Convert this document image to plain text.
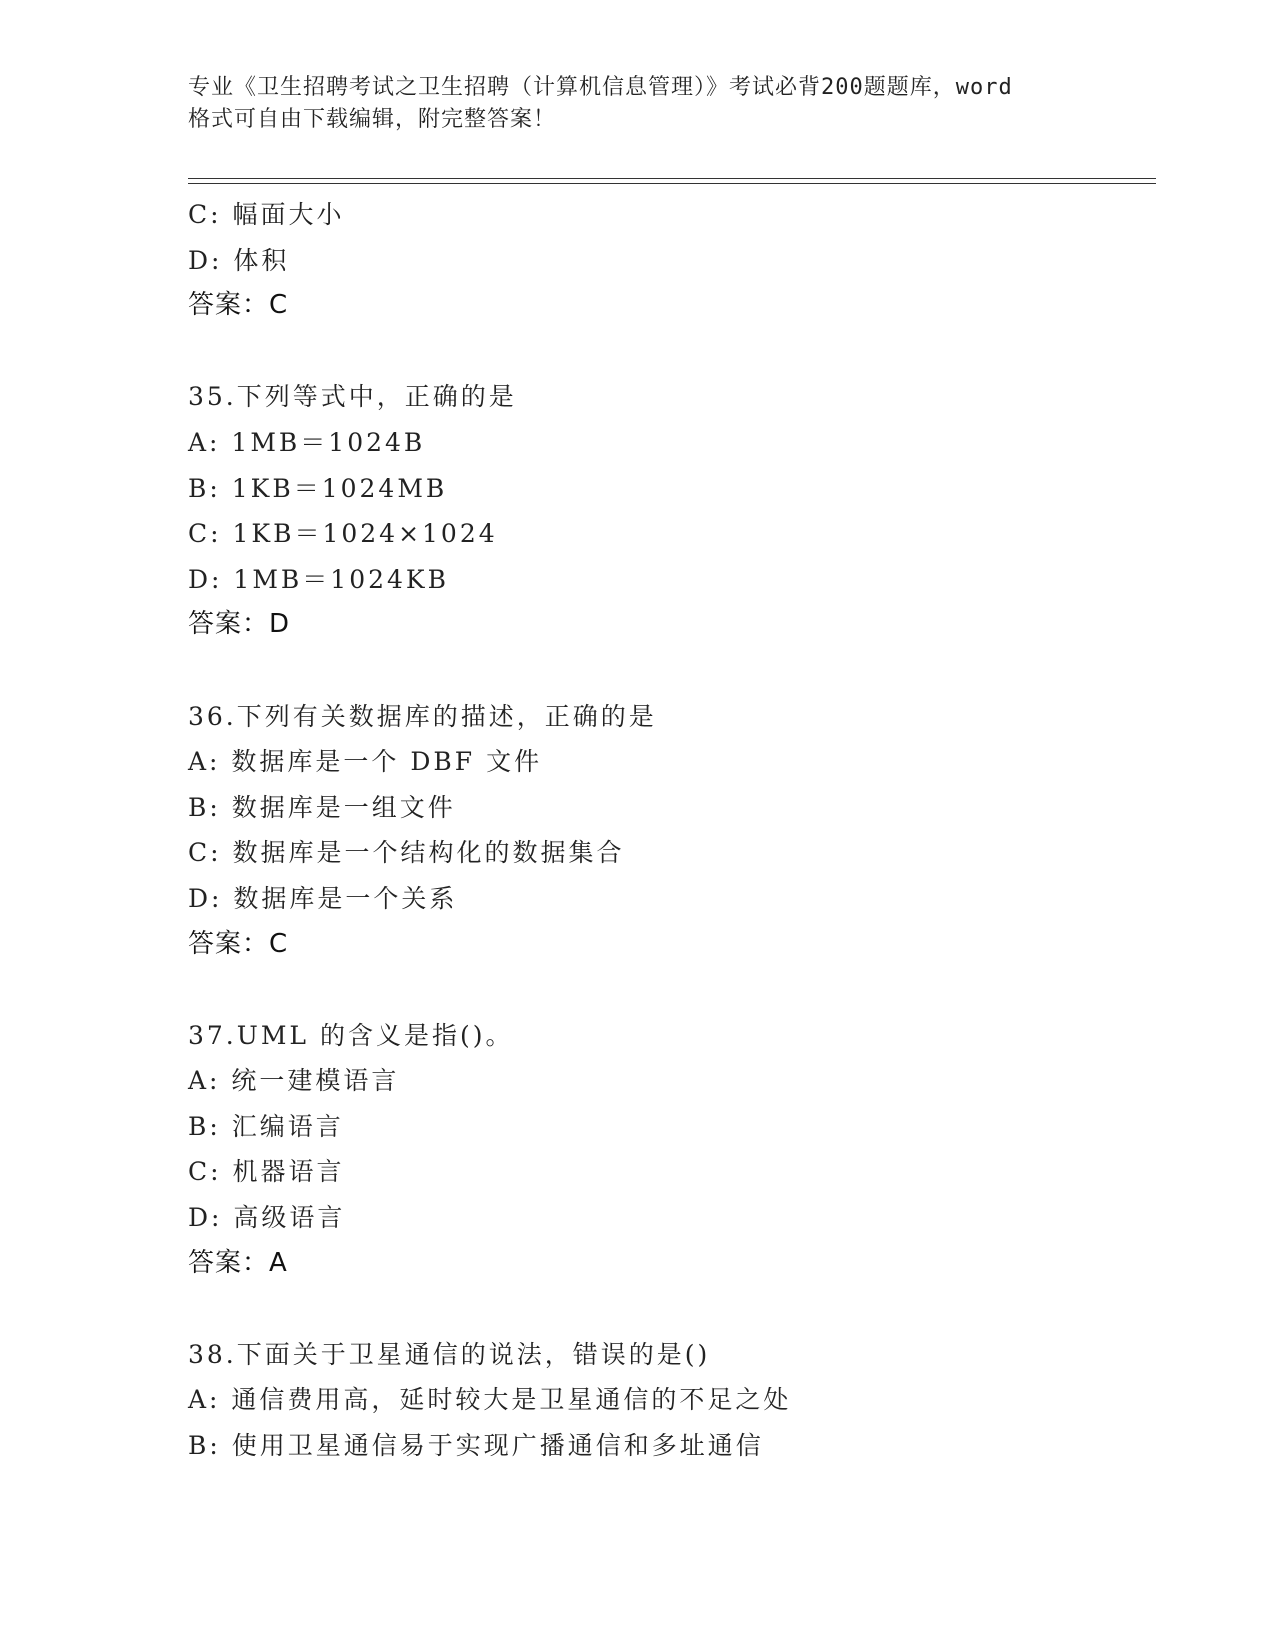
专业《卫生招聘考试之卫生招聘（计算机信息管理）》考试必背200题题库，word
格式可自由下载编辑，附完整答案！
C: 幅面大小
D: 体积
答案：C
35.下列等式中，正确的是
A: 1MB＝1024B
B: 1KB＝1024MB
C: 1KB＝1024×1024
D: 1MB＝1024KB
答案：D
36.下列有关数据库的描述，正确的是
A: 数据库是一个 DBF 文件
B: 数据库是一组文件
C: 数据库是一个结构化的数据集合
D: 数据库是一个关系
答案：C
37.UML 的含义是指()。
A: 统一建模语言
B: 汇编语言
C: 机器语言
D: 高级语言
答案：A
38.下面关于卫星通信的说法，错误的是()
A: 通信费用高，延时较大是卫星通信的不足之处
B: 使用卫星通信易于实现广播通信和多址通信
